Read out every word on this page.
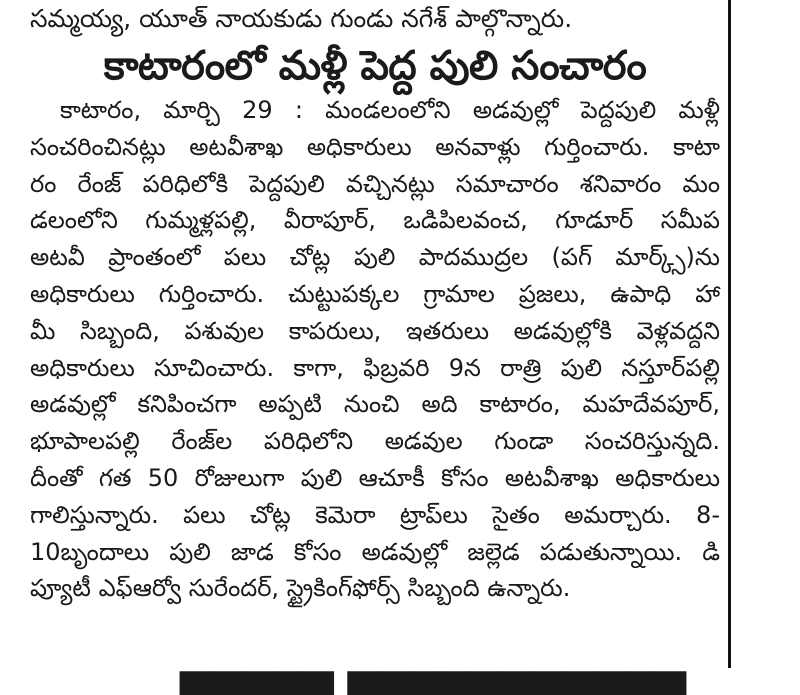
సమ్మయ్య, యూత్ నాయకుడు గుండు నగేశ్ పాల్గొన్నారు.
కాటారంలో మళ్లీ పెద్ద పులి సంచారం
కాటారం, మార్చి 29 : మండలంలోని అడవుల్లో పెద్దపులి మళ్లీ
సంచరించినట్లు అటవీశాఖ అధికారులు అనవాళ్లు గుర్తించారు. కాటా
రం రేంజ్ పరిధిలోకి పెద్దపులి వచ్చినట్లు సమాచారం శనివారం మం
డలంలోని గుమ్మళ్లపల్లి, వీరాపూర్, ఒడిపిలవంచ, గూడూర్ సమీప
అటవీ ప్రాంతంలో పలు చోట్ల పులి పాదముద్రల (పగ్ మార్క్స్)ను
అధికారులు గుర్తించారు. చుట్టుపక్కల గ్రామాల ప్రజలు, ఉపాధి హా
మీ సిబ్బంది, పశువుల కాపరులు, ఇతరులు అడవుల్లోకి వెళ్లవద్దని
అధికారులు సూచించారు. కాగా, ఫిబ్రవరి 9న రాత్రి పులి నస్తూర్‌పల్లి
అడవుల్లో కనిపించగా అప్పటి నుంచి అది కాటారం, మహదేవపూర్,
భూపాలపల్లి రేంజ్‌ల పరిధిలోని అడవుల గుండా సంచరిస్తున్నది.
దీంతో గత 50 రోజులుగా పులి ఆచూకీ కోసం అటవీశాఖ అధికారులు
గాలిస్తున్నారు. పలు చోట్ల కెమెరా ట్రాప్‌లు సైతం అమర్చారు. 8-
10బృందాలు పులి జాడ కోసం అడవుల్లో జల్లెడ పడుతున్నాయి. డి
ప్యూటీ ఎఫ్ఆర్వో సురేందర్, స్ట్రైకింగ్‌ఫోర్స్ సిబ్బంది ఉన్నారు.
▄▄▄▄▄ ▄▄▄▄▄▄▄▄▄▄▄
